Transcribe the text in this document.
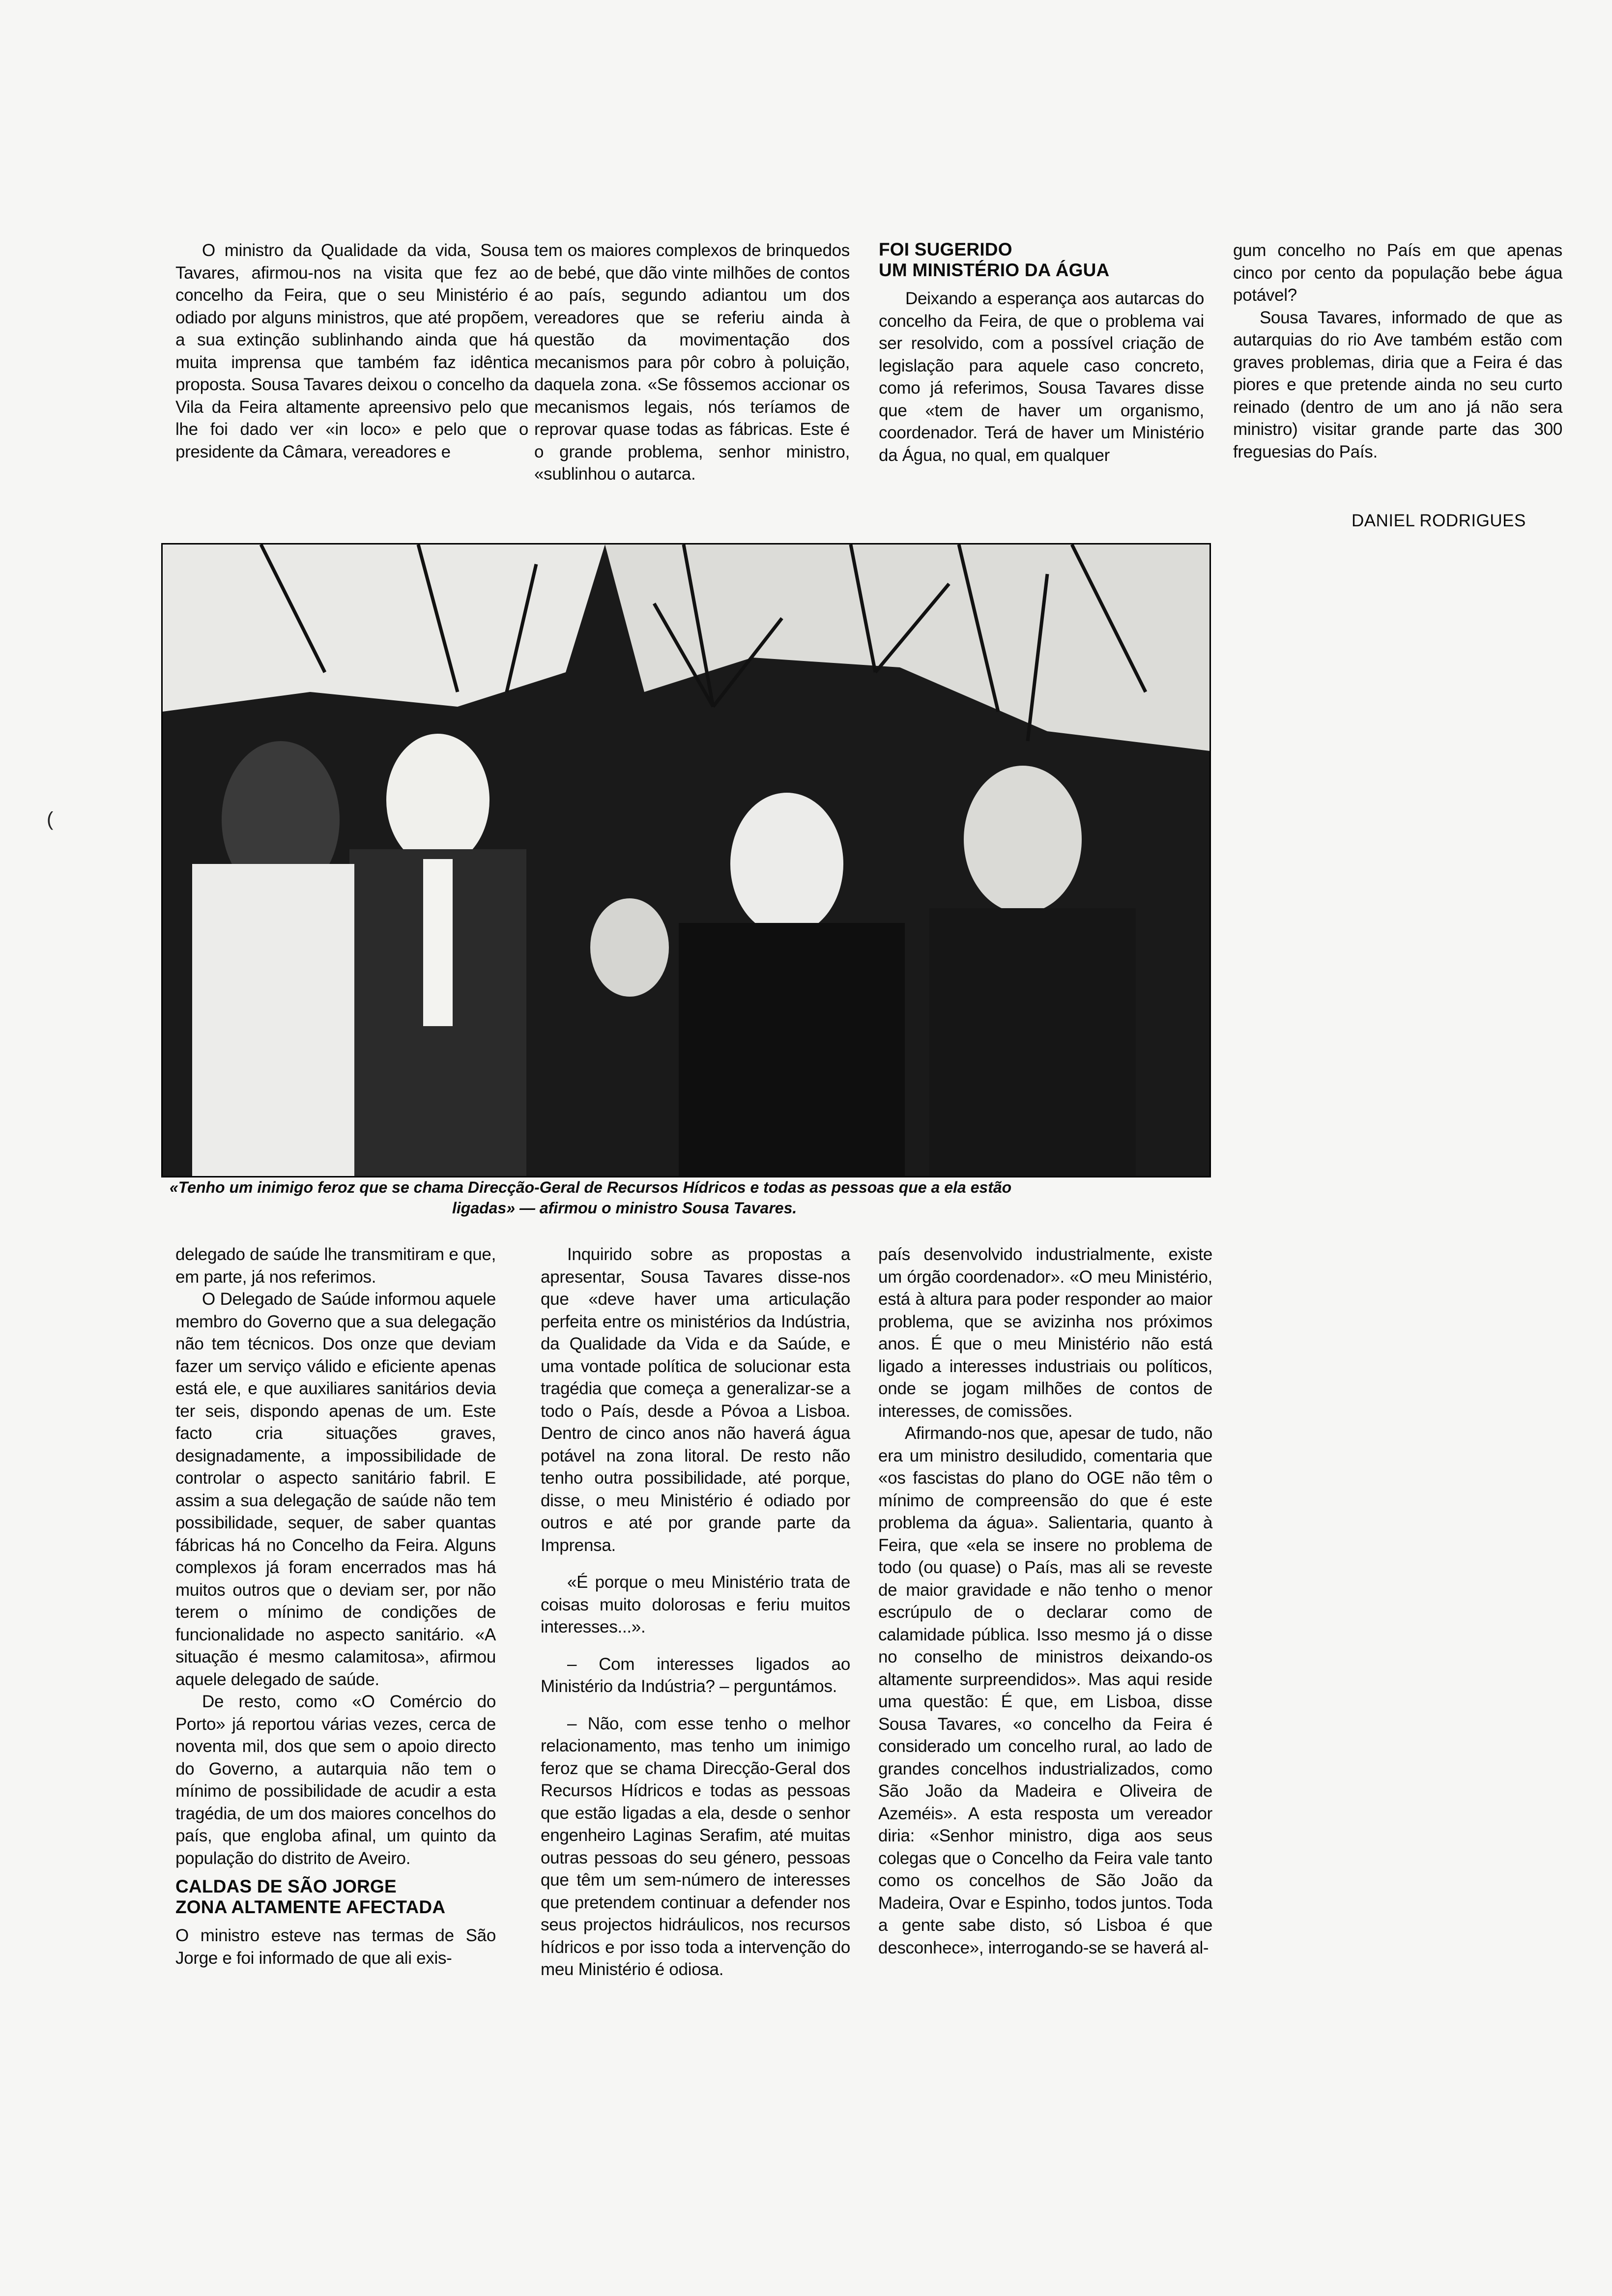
(

O ministro da Qualidade da vida, Sousa Tavares, afirmou-nos na visita que fez ao concelho da Feira, que o seu Ministério é odiado por alguns ministros, que até propõem, a sua extinção sublinhando ainda que há muita imprensa que também faz idêntica proposta. Sousa Tavares deixou o concelho da Vila da Feira altamente apreensivo pelo que lhe foi dado ver «in loco» e pelo que o presidente da Câmara, vereadores e

tem os maiores complexos de brinquedos de bebé, que dão vinte milhões de contos ao país, segundo adiantou um dos vereadores que se referiu ainda à questão da movimentação dos mecanismos para pôr cobro à poluição, daquela zona. «Se fôssemos accionar os mecanismos legais, nós teríamos de reprovar quase todas as fábricas. Este é o grande problema, senhor ministro, «sublinhou o autarca.

FOI SUGERIDO
UM MINISTÉRIO DA ÁGUA

Deixando a esperança aos autarcas do concelho da Feira, de que o problema vai ser resolvido, com a possível criação de legislação para aquele caso concreto, como já referimos, Sousa Tavares disse que «tem de haver um organismo, coordenador. Terá de haver um Ministério da Água, no qual, em qualquer

gum concelho no País em que apenas cinco por cento da população bebe água potável?

Sousa Tavares, informado de que as autarquias do rio Ave também estão com graves problemas, diria que a Feira é das piores e que pretende ainda no seu curto reinado (dentro de um ano já não sera ministro) visitar grande parte das 300 freguesias do País.

DANIEL RODRIGUES
«Tenho um inimigo feroz que se chama Direcção-Geral de Recursos Hídricos e todas as pessoas que a ela estão
ligadas» — afirmou o ministro Sousa Tavares.

delegado de saúde lhe transmitiram e que, em parte, já nos referimos.

O Delegado de Saúde informou aquele membro do Governo que a sua delegação não tem técnicos. Dos onze que deviam fazer um serviço válido e eficiente apenas está ele, e que auxiliares sanitários devia ter seis, dispondo apenas de um. Este facto cria situações graves, designadamente, a impossibilidade de controlar o aspecto sanitário fabril. E assim a sua delegação de saúde não tem possibilidade, sequer, de saber quantas fábricas há no Concelho da Feira. Alguns complexos já foram encerrados mas há muitos outros que o deviam ser, por não terem o mínimo de condições de funcionalidade no aspecto sanitário. «A situação é mesmo calamitosa», afirmou aquele delegado de saúde.

De resto, como «O Comércio do Porto» já reportou várias vezes, cerca de noventa mil, dos que sem o apoio directo do Governo, a autarquia não tem o mínimo de possibilidade de acudir a esta tragédia, de um dos maiores concelhos do país, que engloba afinal, um quinto da população do distrito de Aveiro.

CALDAS DE SÃO JORGE
ZONA ALTAMENTE AFECTADA

O ministro esteve nas termas de São Jorge e foi informado de que ali exis-

Inquirido sobre as propostas a apresentar, Sousa Tavares disse-nos que «deve haver uma articulação perfeita entre os ministérios da Indústria, da Qualidade da Vida e da Saúde, e uma vontade política de solucionar esta tragédia que começa a generalizar-se a todo o País, desde a Póvoa a Lisboa. Dentro de cinco anos não haverá água potável na zona litoral. De resto não tenho outra possibilidade, até porque, disse, o meu Ministério é odiado por outros e até por grande parte da Imprensa.

«É porque o meu Ministério trata de coisas muito dolorosas e feriu muitos interesses...».

– Com interesses ligados ao Ministério da Indústria? – perguntámos.

– Não, com esse tenho o melhor relacionamento, mas tenho um inimigo feroz que se chama Direcção-Geral dos Recursos Hídricos e todas as pessoas que estão ligadas a ela, desde o senhor engenheiro Laginas Serafim, até muitas outras pessoas do seu género, pessoas que têm um sem-número de interesses que pretendem continuar a defender nos seus projectos hidráulicos, nos recursos hídricos e por isso toda a intervenção do meu Ministério é odiosa.

país desenvolvido industrialmente, existe um órgão coordenador». «O meu Ministério, está à altura para poder responder ao maior problema, que se avizinha nos próximos anos. É que o meu Ministério não está ligado a interesses industriais ou políticos, onde se jogam milhões de contos de interesses, de comissões.

Afirmando-nos que, apesar de tudo, não era um ministro desiludido, comentaria que «os fascistas do plano do OGE não têm o mínimo de compreensão do que é este problema da água». Salientaria, quanto à Feira, que «ela se insere no problema de todo (ou quase) o País, mas ali se reveste de maior gravidade e não tenho o menor escrúpulo de o declarar como de calamidade pública. Isso mesmo já o disse no conselho de ministros deixando-os altamente surpreendidos». Mas aqui reside uma questão: É que, em Lisboa, disse Sousa Tavares, «o concelho da Feira é considerado um concelho rural, ao lado de grandes concelhos industrializados, como São João da Madeira e Oliveira de Azeméis». A esta resposta um vereador diria: «Senhor ministro, diga aos seus colegas que o Concelho da Feira vale tanto como os concelhos de São João da Madeira, Ovar e Espinho, todos juntos. Toda a gente sabe disto, só Lisboa é que desconhece», interrogando-se se haverá al-
